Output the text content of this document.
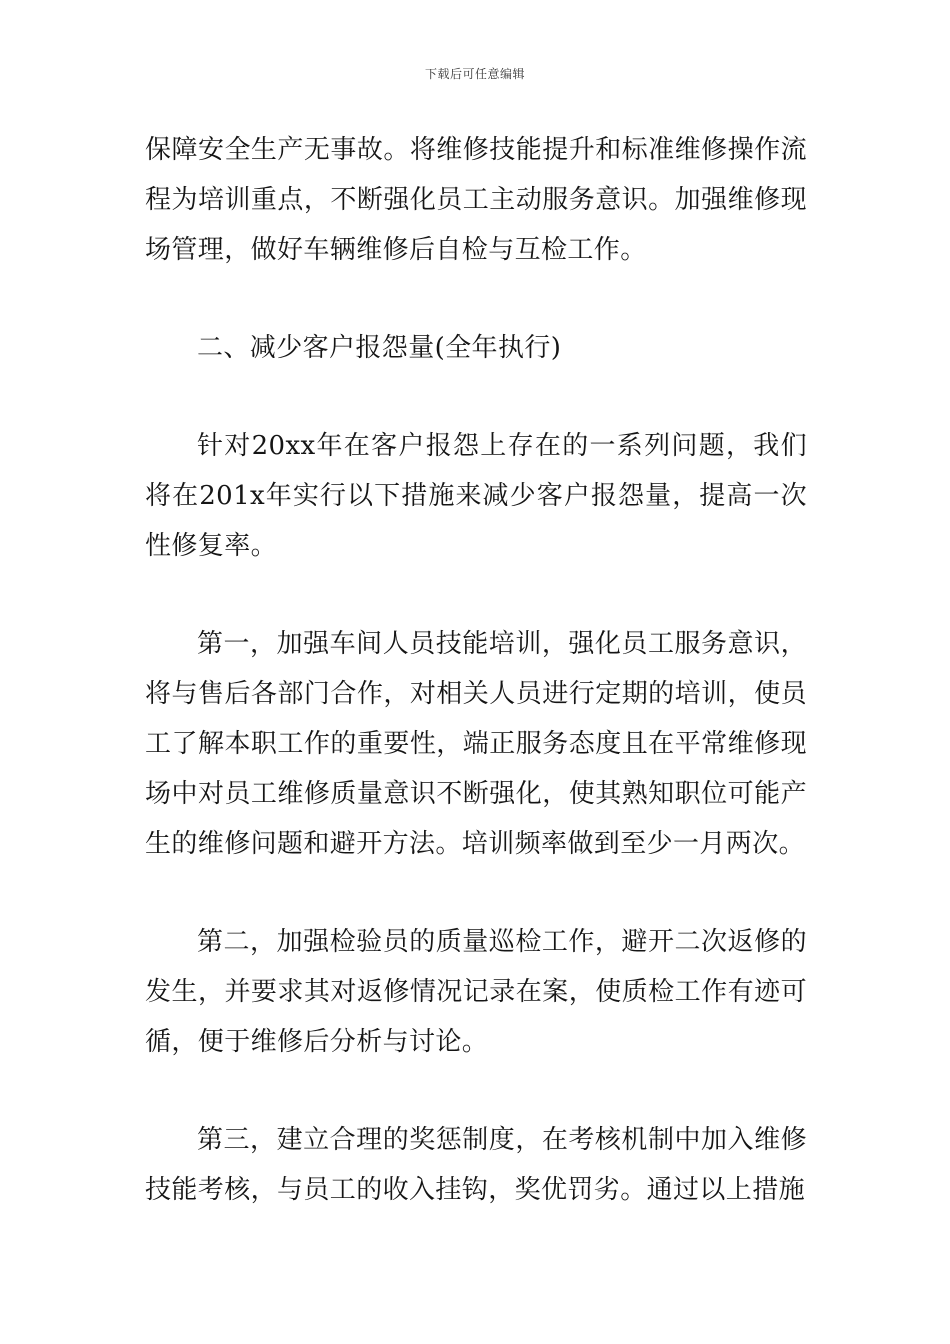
下载后可任意编辑

保障安全生产无事故。将维修技能提升和标准维修操作流程为培训重点，不断强化员工主动服务意识。加强维修现场管理，做好车辆维修后自检与互检工作。

二、减少客户报怨量(全年执行)

针对20xx年在客户报怨上存在的一系列问题，我们将在201x年实行以下措施来减少客户报怨量，提高一次性修复率。

第一，加强车间人员技能培训，强化员工服务意识，将与售后各部门合作，对相关人员进行定期的培训，使员工了解本职工作的重要性，端正服务态度且在平常维修现场中对员工维修质量意识不断强化，使其熟知职位可能产生的维修问题和避开方法。培训频率做到至少一月两次。

第二，加强检验员的质量巡检工作，避开二次返修的发生，并要求其对返修情况记录在案，使质检工作有迹可循，便于维修后分析与讨论。

第三，建立合理的奖惩制度，在考核机制中加入维修技能考核，与员工的收入挂钩，奖优罚劣。通过以上措施
